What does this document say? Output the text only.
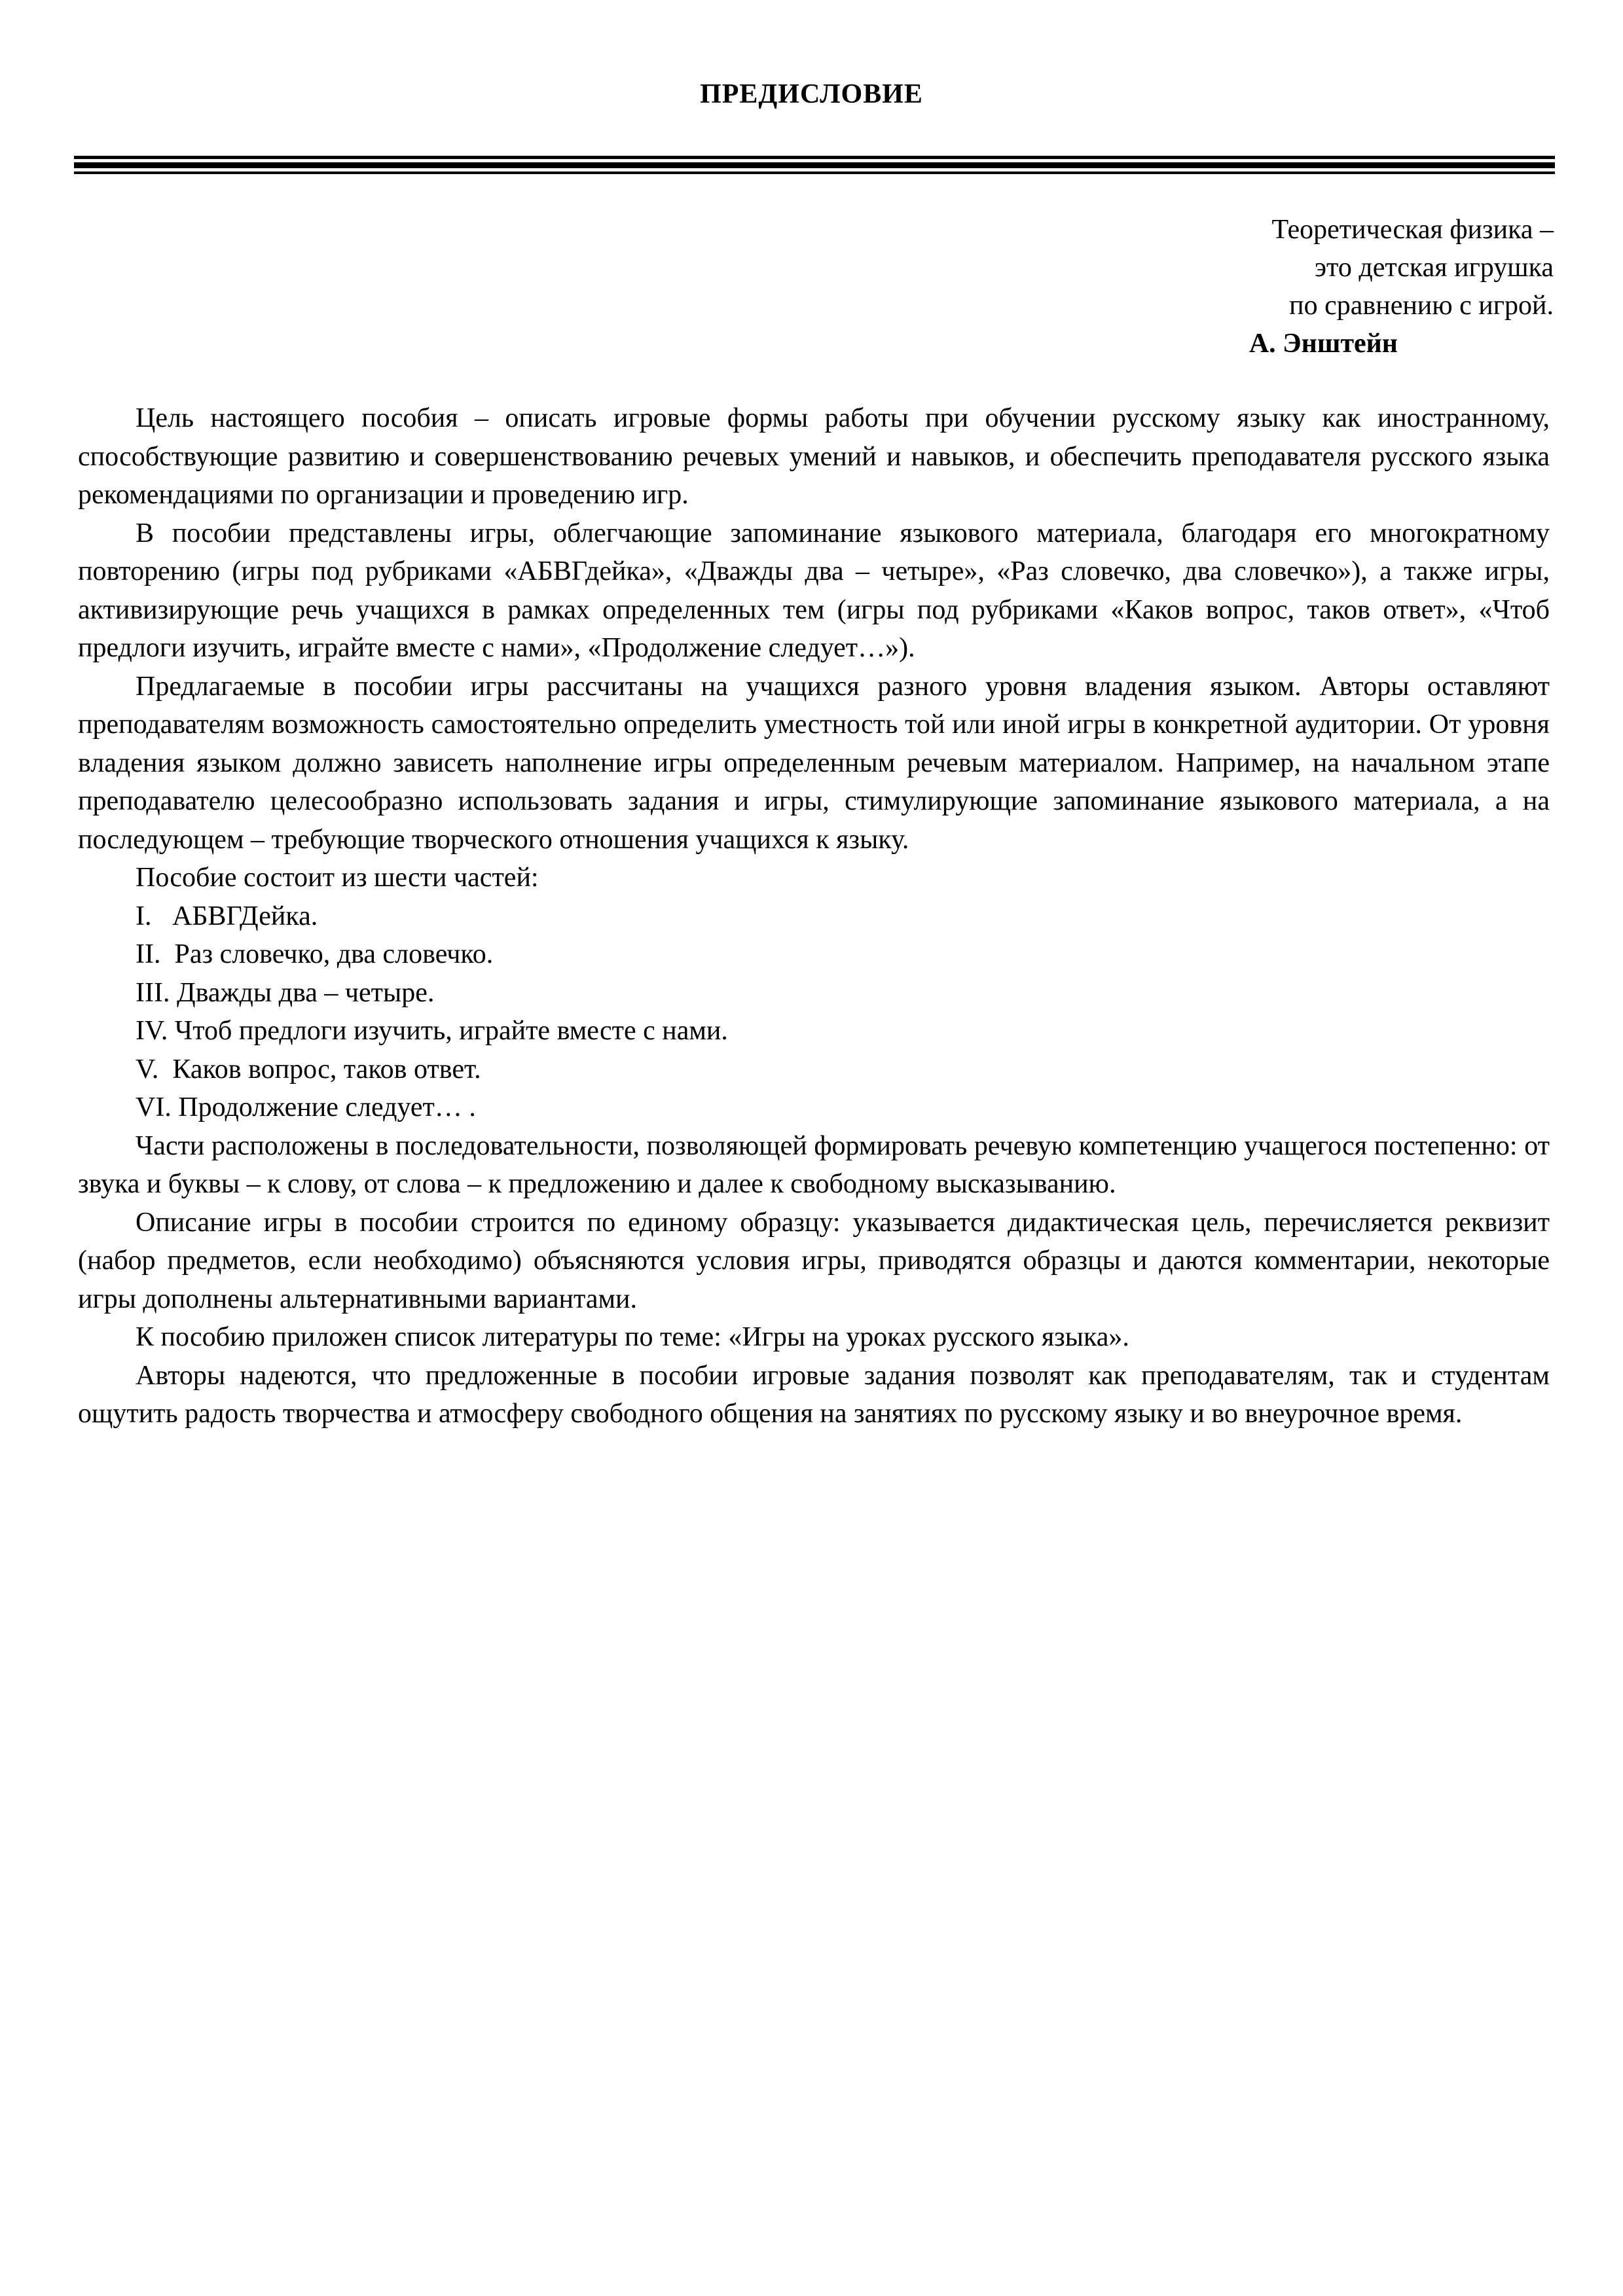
ПРЕДИСЛОВИЕ
Теоретическая физика –
это детская игрушка
по сравнению с игрой.
А. Энштейн

Цель настоящего пособия – описать игровые формы работы при обучении русскому языку как иностранному, способствующие развитию и совершенствованию речевых умений и навыков, и обеспечить преподавателя русского языка рекомендациями по организации и проведению игр.

В пособии представлены игры, облегчающие запоминание языкового материала, благодаря его многократному повторению (игры под рубриками «АБВГдейка», «Дважды два – четыре», «Раз словечко, два словечко»), а также игры, активизирующие речь учащихся в рамках определенных тем (игры под рубриками «Каков вопрос, таков ответ», «Чтоб предлоги изучить, играйте вместе с нами», «Продолжение следует…»).

Предлагаемые в пособии игры рассчитаны на учащихся разного уровня владения языком. Авторы оставляют преподавателям возможность самостоятельно определить уместность той или иной игры в конкретной аудитории. От уровня владения языком должно зависеть наполнение игры определенным речевым материалом. Например, на начальном этапе преподавателю целесообразно использовать задания и игры, стимулирующие запоминание языкового материала, а на последующем – требующие творческого отношения учащихся к языку.

Пособие состоит из шести частей:

I.   АБВГДейка.

II.  Раз словечко, два словечко.

III. Дважды два – четыре.

IV. Чтоб предлоги изучить, играйте вместе с нами.

V.  Каков вопрос, таков ответ.

VI. Продолжение следует… .

Части расположены в последовательности, позволяющей формировать речевую компетенцию учащегося постепенно: от звука и буквы – к слову, от слова – к предложению и далее к свободному высказыванию.

Описание игры в пособии строится по единому образцу: указывается дидактическая цель, перечисляется реквизит (набор предметов, если необходимо) объясняются условия игры, приводятся образцы и даются комментарии, некоторые игры дополнены альтернативными вариантами.

К пособию приложен список литературы по теме: «Игры на уроках русского языка».

Авторы надеются, что предложенные в пособии игровые задания позволят как преподавателям, так и студентам ощутить радость творчества и атмосферу свободного общения на занятиях по русскому языку и во внеурочное время.
